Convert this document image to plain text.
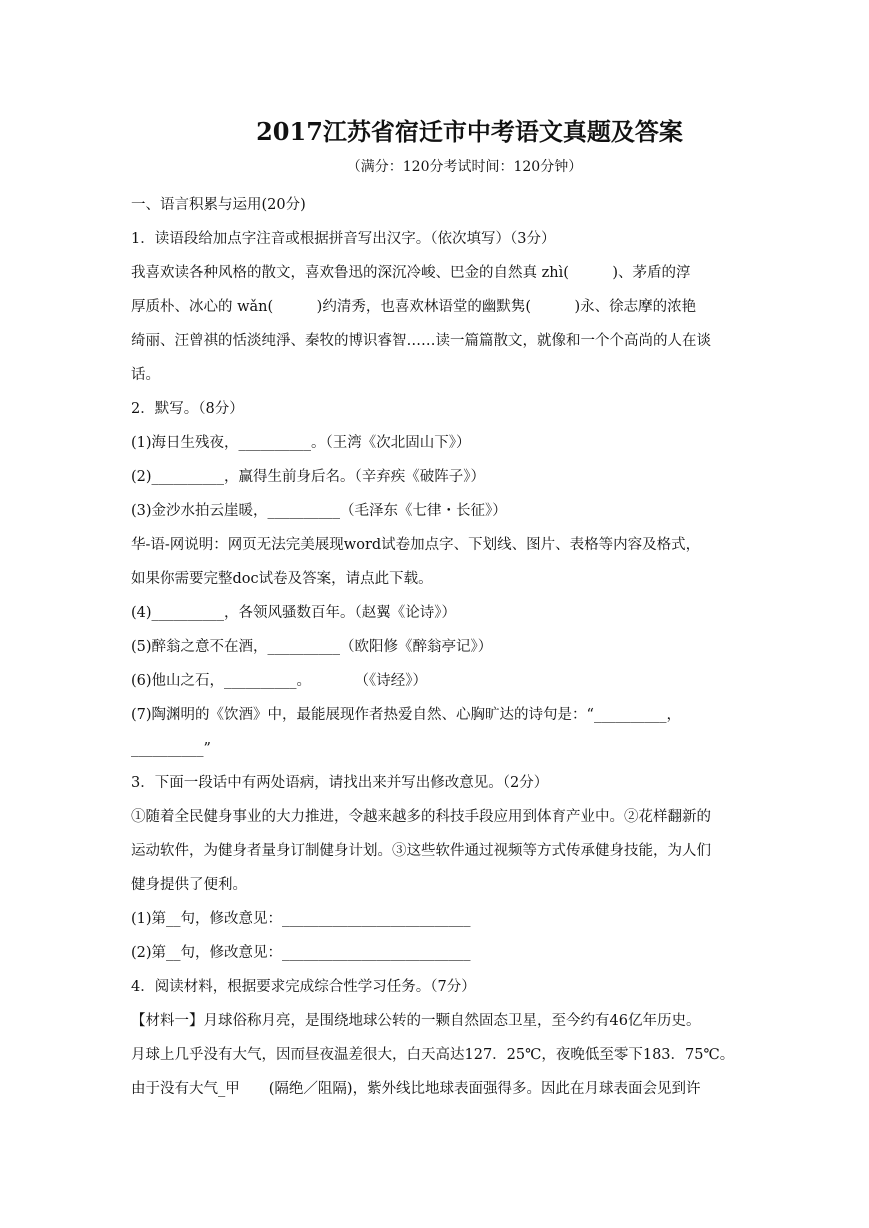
2017江苏省宿迁市中考语文真题及答案
（满分：120分考试时间：120分钟）
一、语言积累与运用(20分)
1．读语段给加点字注音或根据拼音写出汉字。（依次填写）（3分）
我喜欢读各种风格的散文，喜欢鲁迅的深沉冷峻、巴金的自然真 zhì(　　　)、茅盾的淳
厚质朴、冰心的 wǎn(　　　)约清秀，也喜欢林语堂的幽默隽(　　　)永、徐志摩的浓艳
绮丽、汪曾祺的恬淡纯淨、秦牧的博识睿智……读一篇篇散文，就像和一个个高尚的人在谈
话。
2．默写。（8分）
(1)海日生残夜，__________。（王湾《次北固山下》）
(2)__________，赢得生前身后名。（辛弃疾《破阵子》）
(3)金沙水拍云崖暖，__________（毛泽东《七律・长征》）
华-语-网说明：网页无法完美展现word试卷加点字、下划线、图片、表格等内容及格式，
如果你需要完整doc试卷及答案，请点此下载。
(4)__________，各领风骚数百年。（赵翼《论诗》）
(5)醉翁之意不在酒，__________（欧阳修《醉翁亭记》）
(6)他山之石，__________。　　　　（《诗经》）
(7)陶渊明的《饮酒》中，最能展现作者热爱自然、心胸旷达的诗句是：“__________，
__________”
3．下面一段话中有两处语病，请找出来并写出修改意见。（2分）
①随着全民健身事业的大力推进，令越来越多的科技手段应用到体育产业中。②花样翻新的
运动软件，为健身者量身订制健身计划。③这些软件通过视频等方式传承健身技能，为人们
健身提供了便利。
(1)第__句，修改意见：__________________________
(2)第__句，修改意见：__________________________
4．阅读材料，根据要求完成综合性学习任务。（7分）
【材料一】月球俗称月亮，是围绕地球公转的一颗自然固态卫星，至今约有46亿年历史。
月球上几乎没有大气，因而昼夜温差很大，白天高达127．25℃，夜晚低至零下183．75℃。
由于没有大气_甲　　(隔绝／阻隔)，紫外线比地球表面强得多。因此在月球表面会见到许
